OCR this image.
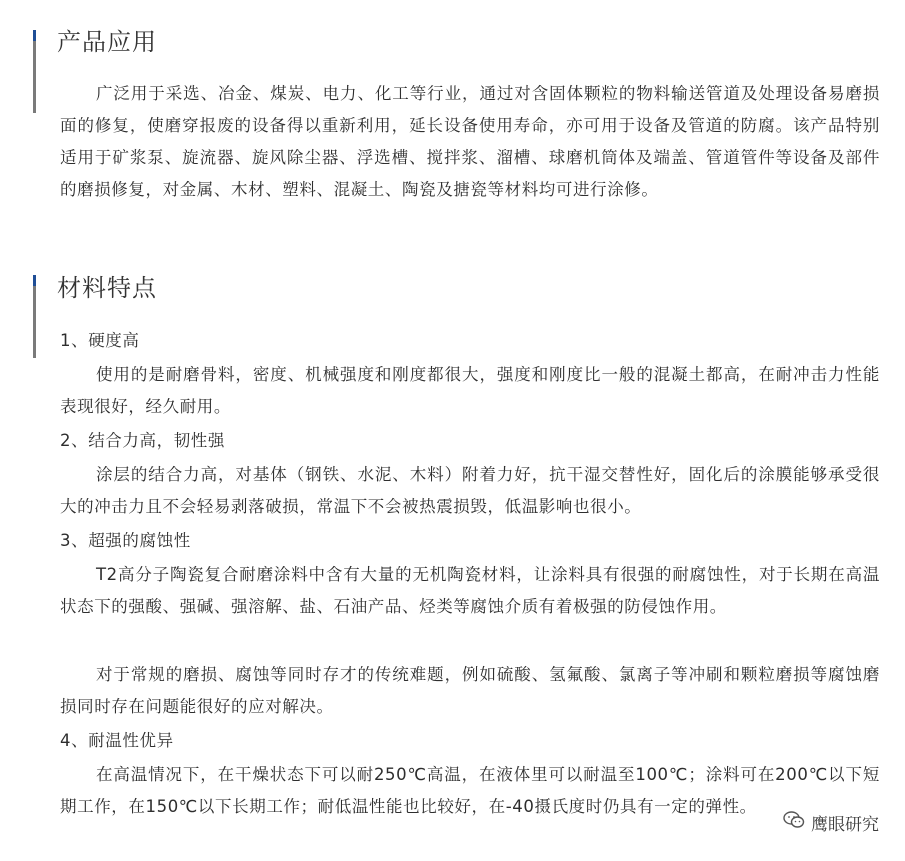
产品应用

广泛用于采选、冶金、煤炭、电力、化工等行业，通过对含固体颗粒的物料输送管道及处理设备易磨损面的修复，使磨穿报废的设备得以重新利用，延长设备使用寿命，亦可用于设备及管道的防腐。该产品特别适用于矿浆泵、旋流器、旋风除尘器、浮选槽、搅拌浆、溜槽、球磨机筒体及端盖、管道管件等设备及部件的磨损修复，对金属、木材、塑料、混凝土、陶瓷及搪瓷等材料均可进行涂修。

材料特点
1、硬度高

使用的是耐磨骨料，密度、机械强度和刚度都很大，强度和刚度比一般的混凝土都高，在耐冲击力性能表现很好，经久耐用。

2、结合力高，韧性强

涂层的结合力高，对基体（钢铁、水泥、木料）附着力好，抗干湿交替性好，固化后的涂膜能够承受很大的冲击力且不会轻易剥落破损，常温下不会被热震损毁，低温影响也很小。

3、超强的腐蚀性

T2高分子陶瓷复合耐磨涂料中含有大量的无机陶瓷材料，让涂料具有很强的耐腐蚀性，对于长期在高温状态下的强酸、强碱、强溶解、盐、石油产品、烃类等腐蚀介质有着极强的防侵蚀作用。

对于常规的磨损、腐蚀等同时存才的传统难题，例如硫酸、氢氟酸、氯离子等冲刷和颗粒磨损等腐蚀磨损同时存在问题能很好的应对解决。

4、耐温性优异

在高温情况下，在干燥状态下可以耐250℃高温，在液体里可以耐温至100℃；涂料可在200℃以下短期工作，在150℃以下长期工作；耐低温性能也比较好，在-40摄氏度时仍具有一定的弹性。

鹰眼研究
